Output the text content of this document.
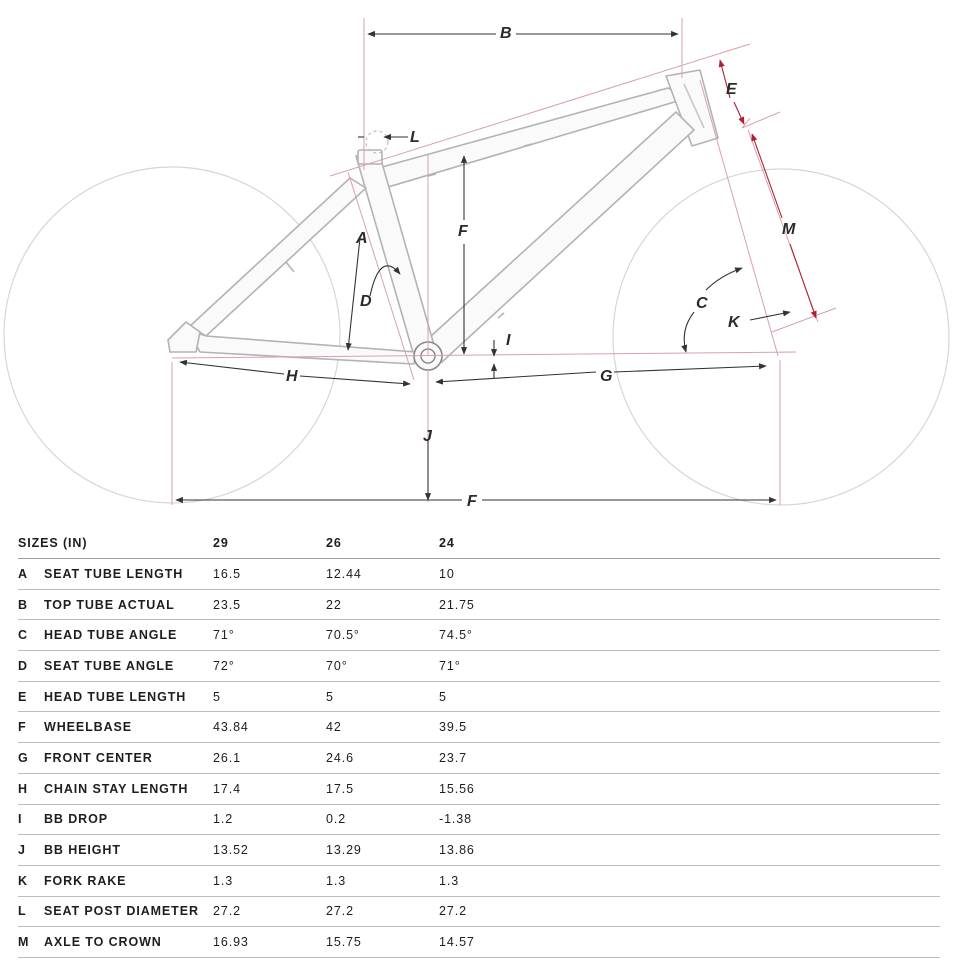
B
E
L
A	F	M
D	C
K
I
H	G
J
F
SIZES (IN)	29	26	24
A	SEAT TUBE LENGTH	16.5	12.44	10
B	TOP TUBE ACTUAL	23.5	22	21.75
C	HEAD TUBE ANGLE	71°	70.5°	74.5°
D	SEAT TUBE ANGLE	72°	70°	71°
E	HEAD TUBE LENGTH	5	5	5
F	WHEELBASE	43.84	42	39.5
G	FRONT CENTER	26.1	24.6	23.7
H	CHAIN STAY LENGTH	17.4	17.5	15.56
I	BB DROP	1.2	0.2	-1.38
J	BB HEIGHT	13.52	13.29	13.86
K	FORK RAKE	1.3	1.3	1.3
L	SEAT POST DIAMETER	27.2	27.2	27.2
M	AXLE TO CROWN	16.93	15.75	14.57
